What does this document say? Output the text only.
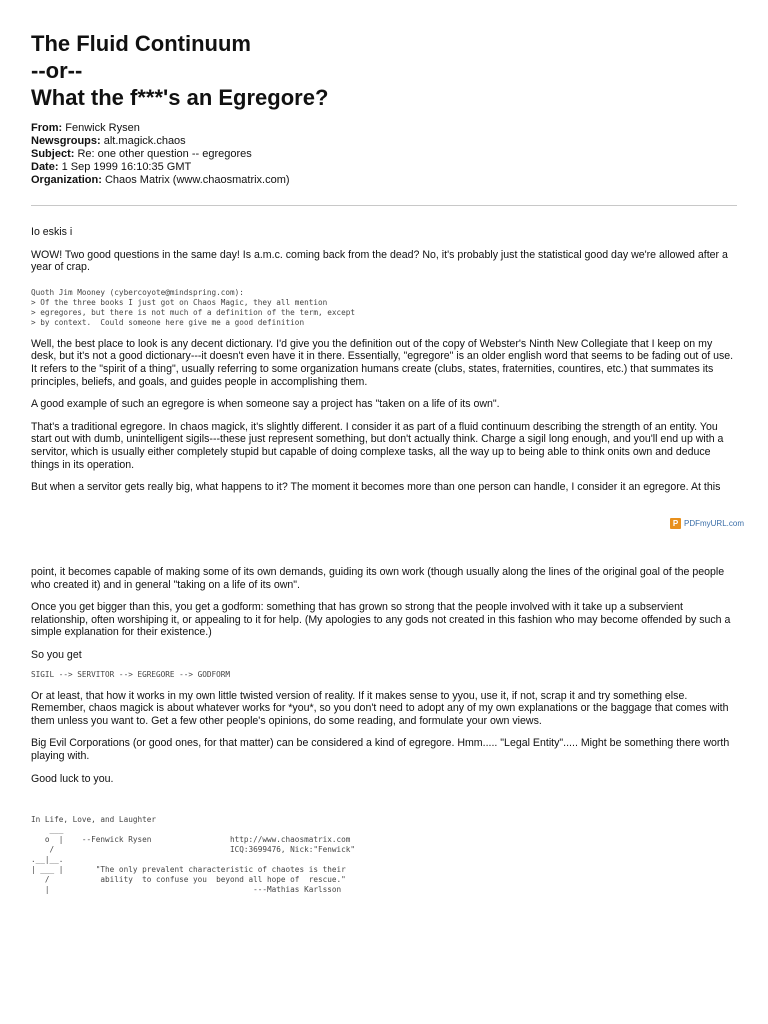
The Fluid Continuum
--or--
What the f***'s an Egregore?
From: Fenwick Rysen
Newsgroups: alt.magick.chaos
Subject: Re: one other question -- egregores
Date: 1 Sep 1999 16:10:35 GMT
Organization: Chaos Matrix (www.chaosmatrix.com)

Io eskis i

WOW! Two good questions in the same day! Is a.m.c. coming back from the dead? No, it's probably just the statistical good day we're allowed after a year of crap.

Quoth Jim Mooney (cybercoyote@mindspring.com):
> Of the three books I just got on Chaos Magic, they all mention
> egregores, but there is not much of a definition of the term, except
> by context.  Could someone here give me a good definition

Well, the best place to look is any decent dictionary. I'd give you the definition out of the copy of Webster's Ninth New Collegiate that I keep on my desk, but it's not a good dictionary---it doesn't even have it in there. Essentially, "egregore" is an older english word that seems to be fading out of use. It refers to the "spirit of a thing", usually referring to some organization humans create (clubs, states, fraternities, countires, etc.) that summates its principles, beliefs, and goals, and guides people in accomplishing them.

A good example of such an egregore is when someone say a project has "taken on a life of its own".

That's a traditional egregore. In chaos magick, it's slightly different. I consider it as part of a fluid continuum describing the strength of an entity. You start out with dumb, unintelligent sigils---these just represent something, but don't actually think. Charge a sigil long enough, and you'll end up with a servitor, which is usually either completely stupid but capable of doing complexe tasks, all the way up to being able to think onits own and deduce things in its operation.

But when a servitor gets really big, what happens to it? The moment it becomes more than one person can handle, I consider it an egregore. At this

P PDFmyURL.com

point, it becomes capable of making some of its own demands, guiding its own work (though usually along the lines of the original goal of the people who created it) and in general "taking on a life of its own".

Once you get bigger than this, you get a godform: something that has grown so strong that the people involved with it take up a subservient relationship, often worshiping it, or appealing to it for help. (My apologies to any gods not created in this fashion who may become offended by such a simple explanation for their existence.)

So you get

SIGIL --> SERVITOR --> EGREGORE --> GODFORM

Or at least, that how it works in my own little twisted version of reality. If it makes sense to yyou, use it, if not, scrap it and try something else. Remember, chaos magick is about whatever works for *you*, so you don't need to adopt any of my own explanations or the baggage that comes with them unless you want to. Get a few other people's opinions, do some reading, and formulate your own views.

Big Evil Corporations (or good ones, for that matter) can be considered a kind of egregore. Hmm..... "Legal Entity"..... Might be something there worth playing with.

Good luck to you.

In Life, Love, and Laughter
___
o  |    --Fenwick Rysen                 http://www.chaosmatrix.com
/                                      ICQ:3699476, Nick:"Fenwick"
.__|__.
| ___ |       "The only prevalent characteristic of chaotes is their
/           ability  to confuse you  beyond all hope of  rescue."
|                                            ---Mathias Karlsson
